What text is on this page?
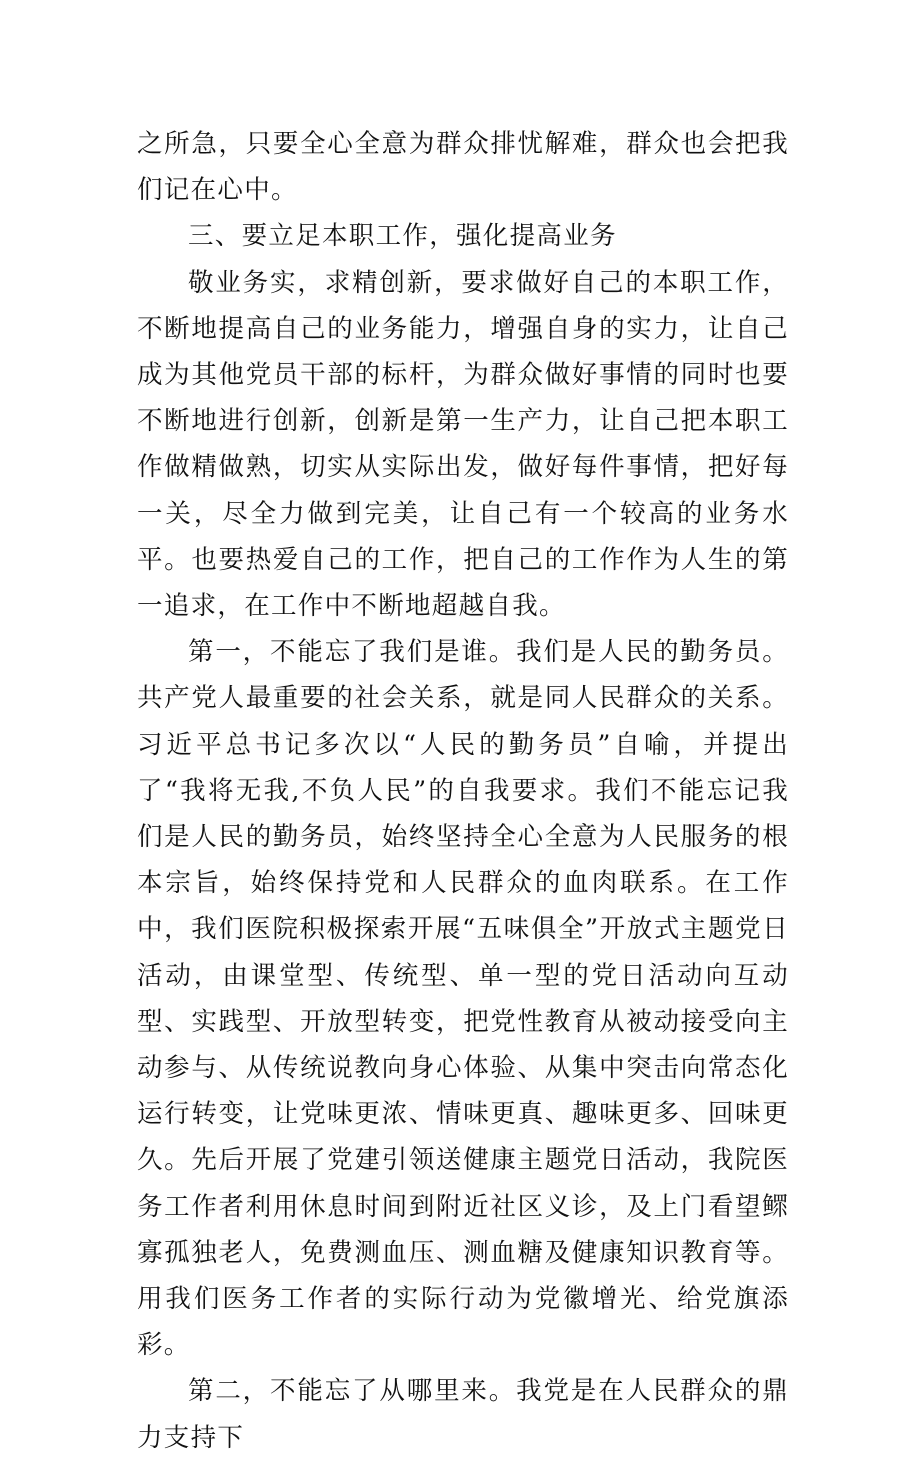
之所急，只要全心全意为群众排忧解难，群众也会把我们记在心中。

三、要立足本职工作，强化提高业务

敬业务实，求精创新，要求做好自己的本职工作，不断地提高自己的业务能力，增强自身的实力，让自己成为其他党员干部的标杆，为群众做好事情的同时也要不断地进行创新，创新是第一生产力，让自己把本职工作做精做熟，切实从实际出发，做好每件事情，把好每一关，尽全力做到完美，让自己有一个较高的业务水平。也要热爱自己的工作，把自己的工作作为人生的第一追求，在工作中不断地超越自我。

第一，不能忘了我们是谁。我们是人民的勤务员。共产党人最重要的社会关系，就是同人民群众的关系。习近平总书记多次以“人民的勤务员”自喻，并提出了“我将无我,不负人民”的自我要求。我们不能忘记我们是人民的勤务员，始终坚持全心全意为人民服务的根本宗旨，始终保持党和人民群众的血肉联系。在工作中，我们医院积极探索开展“五味俱全”开放式主题党日活动，由课堂型、传统型、单一型的党日活动向互动型、实践型、开放型转变，把党性教育从被动接受向主动参与、从传统说教向身心体验、从集中突击向常态化运行转变，让党味更浓、情味更真、趣味更多、回味更久。先后开展了党建引领送健康主题党日活动，我院医务工作者利用休息时间到附近社区义诊，及上门看望鳏寡孤独老人，免费测血压、测血糖及健康知识教育等。用我们医务工作者的实际行动为党徽增光、给党旗添彩。

第二，不能忘了从哪里来。我党是在人民群众的鼎力支持下
